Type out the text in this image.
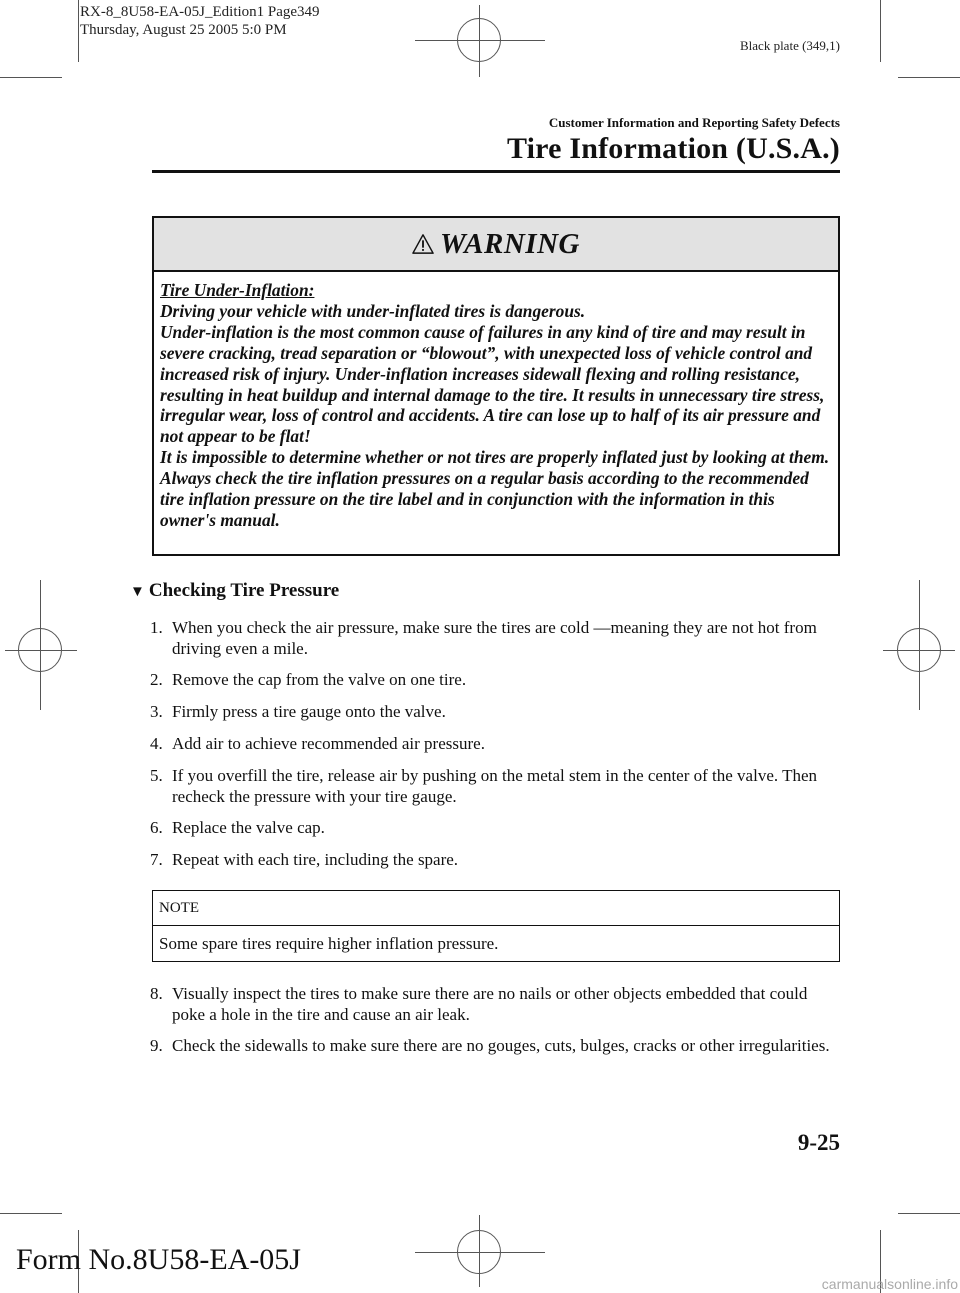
RX-8_8U58-EA-05J_Edition1 Page349
Thursday, August 25 2005 5:0 PM
Black plate (349,1)
Customer Information and Reporting Safety Defects
Tire Information (U.S.A.)
WARNING
Tire Under-Inflation:

Driving your vehicle with under-inflated tires is dangerous.

Under-inflation is the most common cause of failures in any kind of tire and may result in severe cracking, tread separation or “blowout”, with unexpected loss of vehicle control and increased risk of injury. Under-inflation increases sidewall flexing and rolling resistance, resulting in heat buildup and internal damage to the tire. It results in unnecessary tire stress, irregular wear, loss of control and accidents. A tire can lose up to half of its air pressure and not appear to be flat!

It is impossible to determine whether or not tires are properly inflated just by looking at them.

Always check the tire inflation pressures on a regular basis according to the recommended tire inflation pressure on the tire label and in conjunction with the information in this owner's manual.

▼ Checking Tire Pressure
1. When you check the air pressure, make sure the tires are cold ―meaning they are not hot from driving even a mile.
2. Remove the cap from the valve on one tire.
3. Firmly press a tire gauge onto the valve.
4. Add air to achieve recommended air pressure.
5. If you overfill the tire, release air by pushing on the metal stem in the center of the valve. Then recheck the pressure with your tire gauge.
6. Replace the valve cap.
7. Repeat with each tire, including the spare.
8. Visually inspect the tires to make sure there are no nails or other objects embedded that could poke a hole in the tire and cause an air leak.
9. Check the sidewalls to make sure there are no gouges, cuts, bulges, cracks or other irregularities.
NOTE
Some spare tires require higher inflation pressure.
9-25
Form No.8U58-EA-05J
carmanualsonline.info
